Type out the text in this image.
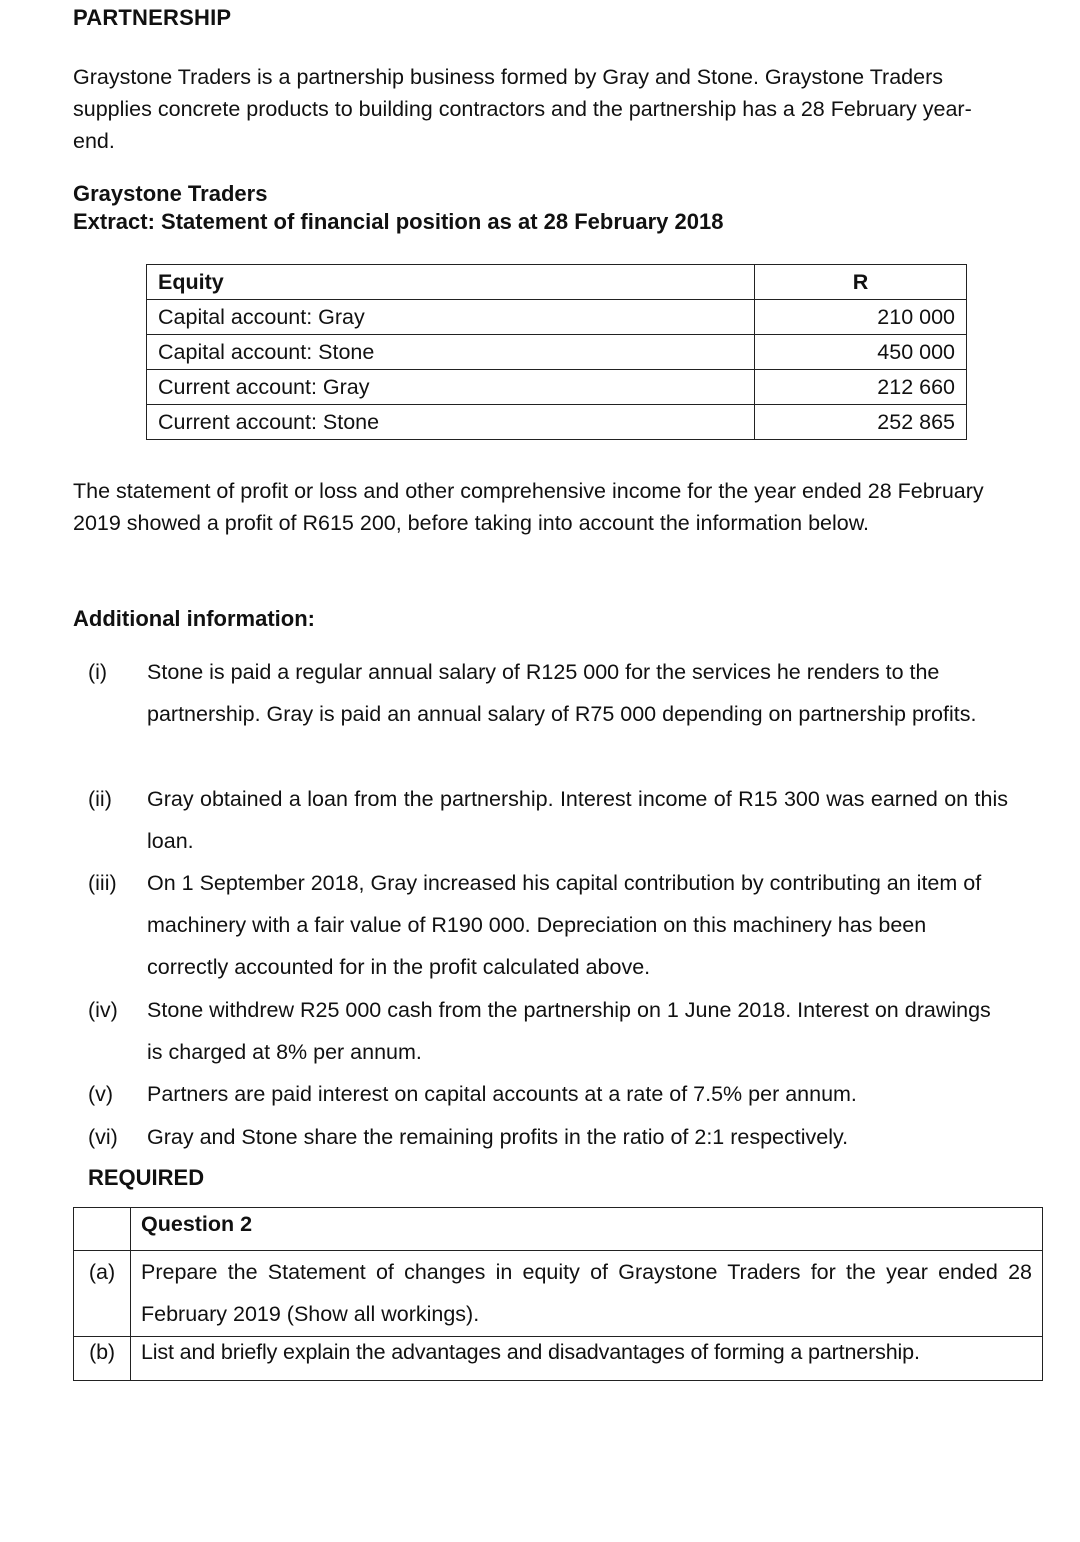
PARTNERSHIP
Graystone Traders is a partnership business formed by Gray and Stone. Graystone Traders supplies concrete products to building contractors and the partnership has a 28 February year-end.
Graystone Traders
Extract: Statement of financial position as at 28 February 2018
Equity	R
Capital account: Gray	210 000
Capital account: Stone	450 000
Current account: Gray	212 660
Current account: Stone	252 865
The statement of profit or loss and other comprehensive income for the year ended 28 February 2019 showed a profit of R615 200, before taking into account the information below.
Additional information:
(i) Stone is paid a regular annual salary of R125 000 for the services he renders to the partnership. Gray is paid an annual salary of R75 000 depending on partnership profits.
(ii) Gray obtained a loan from the partnership. Interest income of R15 300 was earned on this loan.
(iii) On 1 September 2018, Gray increased his capital contribution by contributing an item of machinery with a fair value of R190 000. Depreciation on this machinery has been correctly accounted for in the profit calculated above.
(iv) Stone withdrew R25 000 cash from the partnership on 1 June 2018. Interest on drawings is charged at 8% per annum.
(v) Partners are paid interest on capital accounts at a rate of 7.5% per annum.
(vi) Gray and Stone share the remaining profits in the ratio of 2:1 respectively.
REQUIRED
	Question 2
(a)	Prepare the Statement of changes in equity of Graystone Traders for the year ended 28 February 2019 (Show all workings).
(b)	List and briefly explain the advantages and disadvantages of forming a partnership.
